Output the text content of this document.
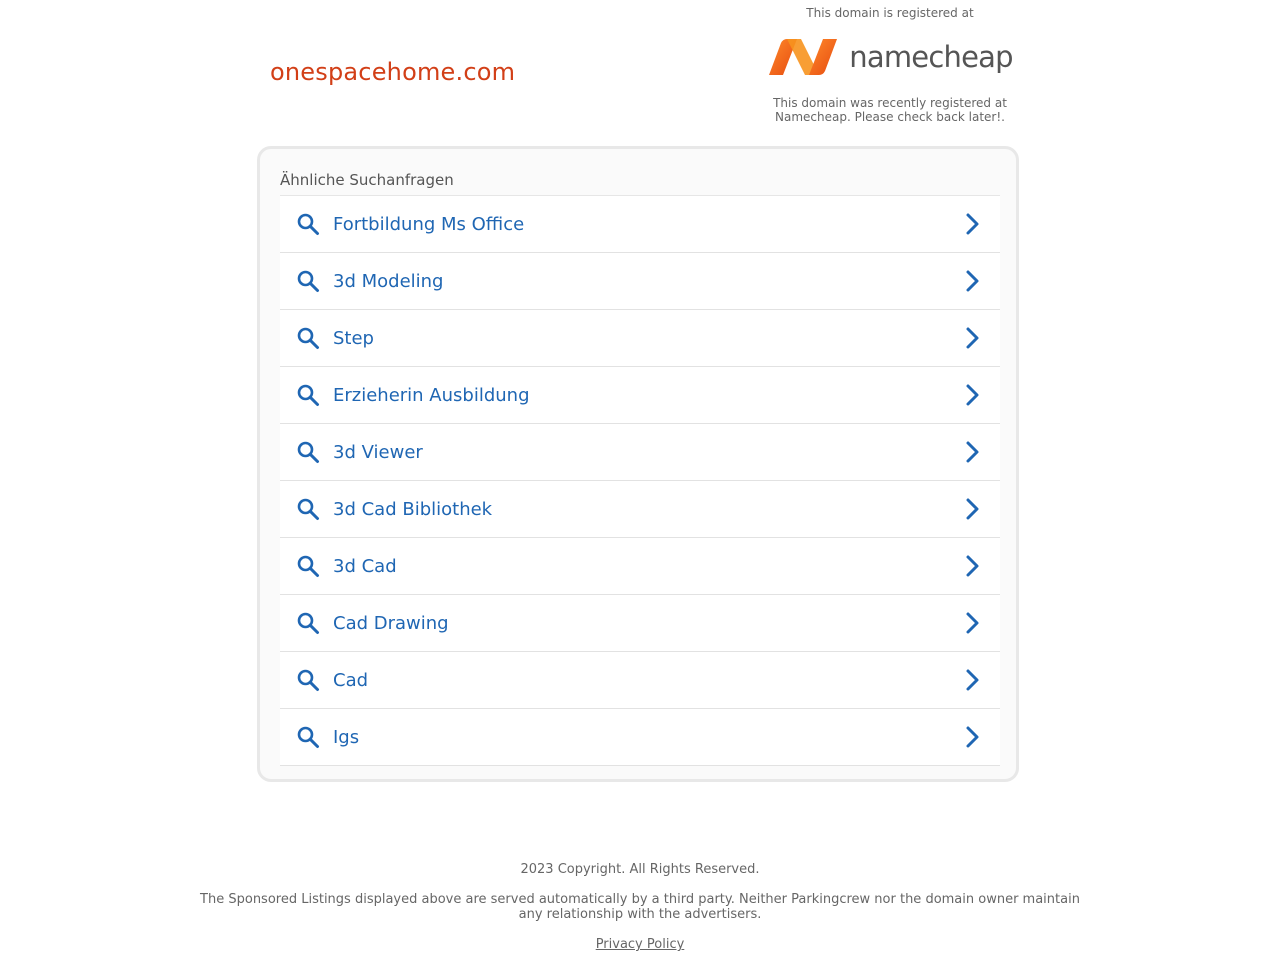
onespacehome.com
This domain is registered at
namecheap
This domain was recently registered at Namecheap. Please check back later!.
Ähnliche Suchanfragen
Fortbildung Ms Office
3d Modeling
Step
Erzieherin Ausbildung
3d Viewer
3d Cad Bibliothek
3d Cad
Cad Drawing
Cad
Igs
2023 Copyright. All Rights Reserved.
The Sponsored Listings displayed above are served automatically by a third party. Neither Parkingcrew nor the domain owner maintain any relationship with the advertisers.
Privacy Policy
